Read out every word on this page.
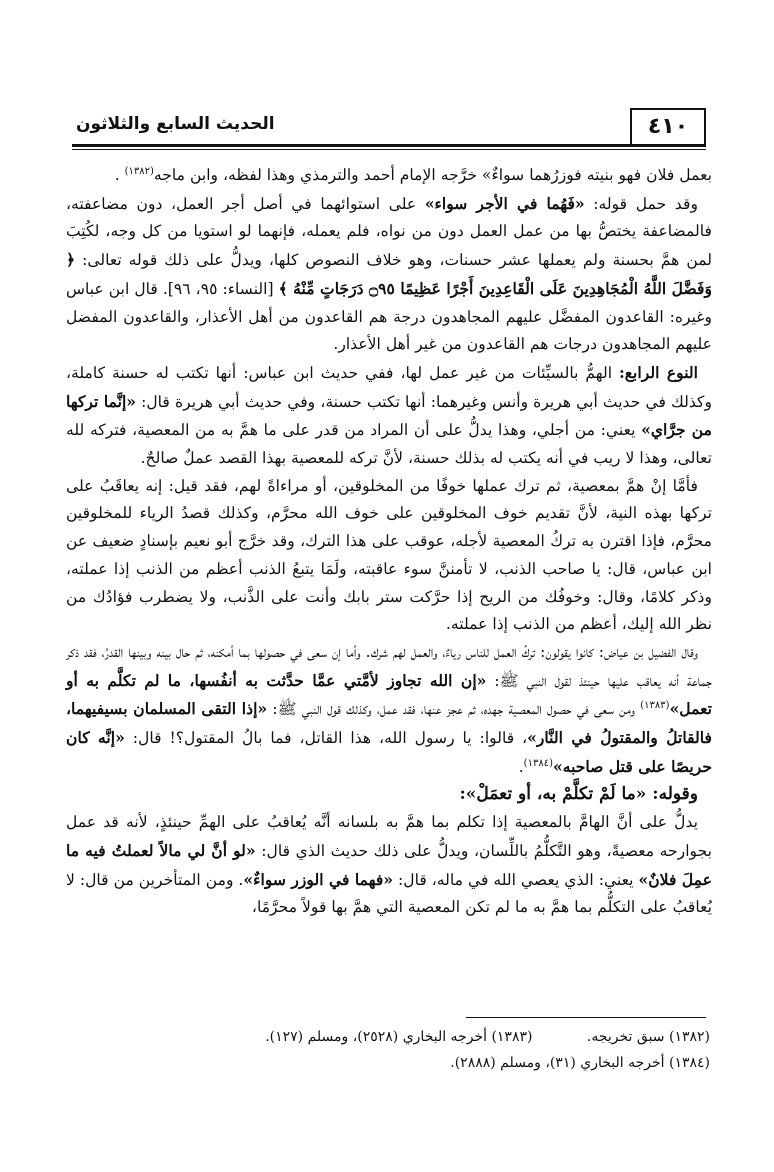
٤١٠
الحديث السابع والثلاثون

بعمل فلان فهو بنيته فوزرُهما سواءٌ» خرَّجه الإمام أحمد والترمذي وهذا لفظه، وابن ماجه$^{(١٣٨٢)}$ .

وقد حمل قوله: «فَهُما في الأجر سواء» على استوائهما في أصل أجر العمل، دون مضاعفته، فالمضاعفة يختصُّ بها من عمل العمل دون من نواه، فلم يعمله، فإنهما لو استويا من كل وجه، لكُتِبَ لمن همَّ بحسنة ولم يعملها عشر حسنات، وهو خلاف النصوص كلها، ويدلُّ على ذلك قوله تعالى: ﴿ وَفَضَّلَ اللَّهُ الْمُجَاهِدِينَ عَلَى الْقَاعِدِينَ أَجْرًا عَظِيمًا ۝٩٥ دَرَجَاتٍ مِّنْهُ ﴾ [النساء: ٩٥، ٩٦]. قال ابن عباس وغيره: القاعدون المفضَّل عليهم المجاهدون درجة هم القاعدون من أهل الأعذار، والقاعدون المفضل عليهم المجاهدون درجات هم القاعدون من غير أهل الأعذار.

النوع الرابع: الهمُّ بالسيِّئات من غير عمل لها، ففي حديث ابن عباس: أنها تكتب له حسنة كاملة، وكذلك في حديث أبي هريرة وأنس وغيرهما: أنها تكتب حسنة، وفي حديث أبي هريرة قال: «إنَّما تركها من جرَّاي» يعني: من أجلي، وهذا يدلُّ على أن المراد من قدر على ما همَّ به من المعصية، فتركه لله تعالى، وهذا لا ريب في أنه يكتب له بذلك حسنة، لأنَّ تركه للمعصية بهذا القصد عملٌ صالحٌ.

فأمَّا إنْ همَّ بمعصية، ثم ترك عملها خوفًا من المخلوقين، أو مراءاةً لهم، فقد قيل: إنه يعاقَبُ على تركها بهذه النية، لأنَّ تقديم خوف المخلوقين على خوف الله محرَّم، وكذلك قصدُ الرياء للمخلوقين محرَّم، فإذا اقترن به تركُ المعصية لأجله، عوقب على هذا الترك، وقد خرَّج أبو نعيم بإسنادٍ ضعيف عن ابن عباس، قال: يا صاحب الذنب، لا تأمننَّ سوء عاقبته، ولَمَا يتبعُ الذنب أعظم من الذنب إذا عملته، وذكر كلامًا، وقال: وخوفُك من الريح إذا حرَّكت ستر بابك وأنت على الذَّنب، ولا يضطرب فؤادُك من نظر الله إليك، أعظم من الذنب إذا عملته.

وقال الفضيل بن عياض: كانوا يقولون: تركُ العمل للناس رياءٌ، والعمل لهم شرك. وأما إن سعى في حصولها بما أمكنه، ثم حال بينه وبينها القدرُ، فقد ذكر جماعة أنه يعاقب عليها حينئذ لقول النبي ﷺ: «إن الله تجاوز لأمَّتي عمَّا حدَّثت به أنفُسها، ما لم تكلَّم به أو تعمل»$^{(١٣٨٣)}$ ومن سعى في حصول المعصية جهده، ثم عجز عنها، فقد عمل، وكذلك قول النبي ﷺ: «إذا التقى المسلمان بسيفيهما، فالقاتلُ والمقتولُ في النَّار»، قالوا: يا رسول الله، هذا القاتل، فما بالُ المقتول؟! قال: «إنَّه كان حريصًا على قتل صاحبه»$^{(١٣٨٤)}$.

وقوله: «ما لَمْ تكلَّمْ به، أو تعمَلْ»:

يدلُّ على أنَّ الهامَّ بالمعصية إذا تكلم بما همَّ به بلسانه أنَّه يُعاقبُ على الهمِّ حينئذٍ، لأنه قد عمل بجوارحه معصيةً، وهو التَّكلُّمُ باللِّسان، ويدلُّ على ذلك حديث الذي قال: «لو أنَّ لي مالاً لعملتُ فيه ما عمِلَ فلانٌ» يعني: الذي يعصي الله في ماله، قال: «فهما في الوزر سواءٌ». ومن المتأخرين من قال: لا يُعاقبُ على التكلُّم بما همَّ به ما لم تكن المعصية التي همَّ بها قولاً محرَّمًا،

(١٣٨٢) سبق تخريجه. (١٣٨٣) أخرجه البخاري (٢٥٢٨)، ومسلم (١٢٧).
(١٣٨٤) أخرجه البخاري (٣١)، ومسلم (٢٨٨٨).
